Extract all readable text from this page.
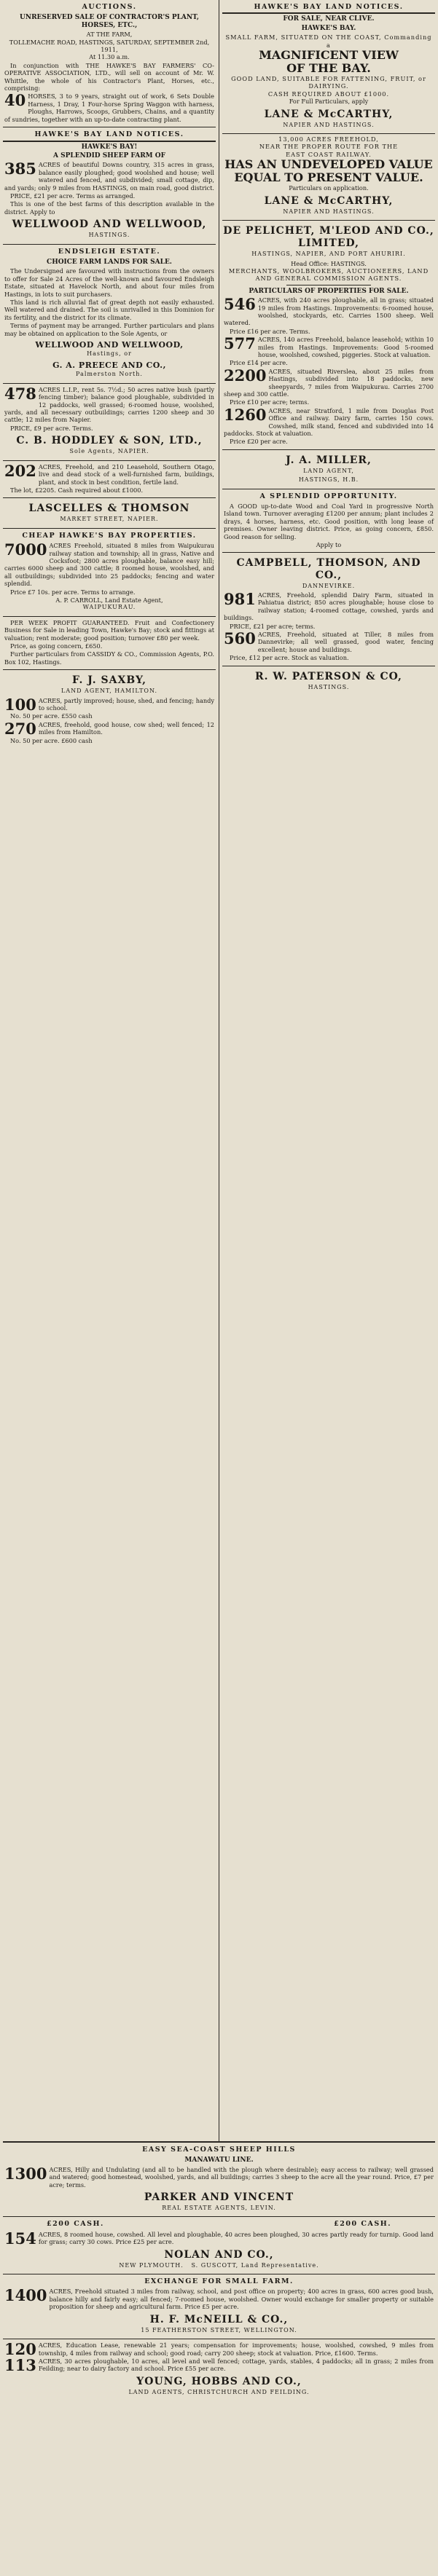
AUCTIONS.
UNRESERVED SALE OF CONTRACTOR'S PLANT, HORSES, ETC.,
AT THE FARM,
TOLLEMACHE ROAD, HASTINGS, SATURDAY, SEPTEMBER 2nd, 1911,
At 11.30 a.m.
In conjunction with THE HAWKE'S BAY FARMERS' CO-OPERATIVE ASSOCIATION, LTD., will sell on account of Mr. W. Whittle, the whole of his Contractor's Plant, Horses, etc., comprising:
40 HORSES, 3 to 9 years, straight out of work, 6 Sets Double Harness, 1 Dray, 1 Four-horse Spring Waggon with harness, Ploughs, Harrows, Scoops, Grubbers, Chains, and a quantity of sundries, together with an up-to-date contracting plant.
HAWKE'S BAY LAND NOTICES.
HAWKE'S BAY!
A SPLENDID SHEEP FARM OF
385 ACRES of beautiful Downs country, 315 acres in grass, balance easily ploughed; good woolshed and house; well watered and fenced, and subdivided; small cottage, dip, and yards; only 9 miles from HASTINGS, on main road, good district.
PRICE, £21 per acre. Terms as arranged.
This is one of the best farms of this description available in the district. Apply to
WELLWOOD AND WELLWOOD,
HASTINGS.
ENDSLEIGH ESTATE.
CHOICE FARM LANDS FOR SALE.
The Undersigned are favoured with instructions from the owners to offer for Sale 24 Acres of the well-known and favoured Endsleigh Estate, situated at Havelock North, and about four miles from Hastings, in lots to suit purchasers.
This land is rich alluvial flat of great depth not easily exhausted. Well watered and drained. The soil is unrivalled in this Dominion for its fertility, and the district for its climate.
Terms of payment may be arranged. Further particulars and plans may be obtained on application to the Sole Agents, or
WELLWOOD AND WELLWOOD,
Hastings, or
G. A. PREECE AND CO.,
Palmerston North.
478 ACRES L.I.P., rent 5s. 7½d.; 50 acres native bush (partly fencing timber); balance good ploughable, subdivided in 12 paddocks, well grassed; 6-roomed house, woolshed, yards, and all necessary outbuildings; carries 1200 sheep and 30 cattle; 12 miles from Napier.
PRICE, £9 per acre. Terms.
C. B. HODDLEY & SON, LTD.,
Sole Agents, NAPIER.
202 ACRES, Freehold, and 210 Leasehold, Southern Otago, live and dead stock of a well-furnished farm, buildings, plant, and stock in best condition, fertile land.
The lot, £2205. Cash required about £1000.
LASCELLES & THOMSON
MARKET STREET, NAPIER.
CHEAP HAWKE'S BAY PROPERTIES.
7000 ACRES Freehold, situated 8 miles from Waipukurau railway station and township; all in grass, Native and Cocksfoot; 2800 acres ploughable, balance easy hill; carries 6000 sheep and 300 cattle; 8 roomed house, woolshed, and all outbuildings; subdivided into 25 paddocks; fencing and water splendid.
Price £7 10s. per acre. Terms to arrange.
A. P. CARROLL, Land Estate Agent,
WAIPUKURAU.
PER WEEK PROFIT GUARANTEED. Fruit and Confectionery Business for Sale in leading Town, Hawke's Bay; stock and fittings at valuation; rent moderate; good position; turnover £80 per week.
Price, as going concern, £650.
Further particulars from CASSIDY & CO., Commission Agents, P.O. Box 102, Hastings.
F. J. SAXBY,
LAND AGENT, HAMILTON.
100 ACRES, partly improved; house, shed, and fencing; handy to school.
No. 50 per acre. £550 cash
270 ACRES, freehold, good house, cow shed; well fenced; 12 miles from Hamilton.
No. 50 per acre. £600 cash
HAWKE'S BAY LAND NOTICES.
FOR SALE, NEAR CLIVE.
HAWKE'S BAY.
SMALL FARM, SITUATED ON THE COAST, Commanding a
MAGNIFICENT VIEW
OF THE BAY.
GOOD LAND, SUITABLE FOR FATTENING, FRUIT, or DAIRYING.
CASH REQUIRED ABOUT £1000.
For Full Particulars, apply
LANE & McCARTHY,
NAPIER AND HASTINGS.
13,000 ACRES FREEHOLD,
NEAR THE PROPER ROUTE FOR THE
EAST COAST RAILWAY.
HAS AN UNDEVELOPED VALUE EQUAL TO PRESENT VALUE.
Particulars on application.
LANE & McCARTHY,
NAPIER AND HASTINGS.
DE PELICHET, M'LEOD AND CO., LIMITED,
HASTINGS, NAPIER, AND PORT AHURIRI.
Head Office: HASTINGS.
MERCHANTS, WOOLBROKERS, AUCTIONEERS, LAND AND GENERAL COMMISSION AGENTS.
PARTICULARS OF PROPERTIES FOR SALE.
546 ACRES, with 240 acres ploughable, all in grass; situated 19 miles from Hastings. Improvements: 6-roomed house, woolshed, stockyards, etc. Carries 1500 sheep. Well watered.
Price £16 per acre. Terms.
577 ACRES, 140 acres Freehold, balance leasehold; within 10 miles from Hastings. Improvements: Good 5-roomed house, woolshed, cowshed, piggeries. Stock at valuation.
Price £14 per acre.
2200 ACRES, situated Riverslea, about 25 miles from Hastings, subdivided into 18 paddocks, new sheepyards, 7 miles from Waipukurau. Carries 2700 sheep and 300 cattle.
Price £10 per acre; terms.
1260 ACRES, near Stratford, 1 mile from Douglas Post Office and railway. Dairy farm, carries 150 cows. Cowshed, milk stand, fenced and subdivided into 14 paddocks. Stock at valuation.
Price £20 per acre.
J. A. MILLER,
LAND AGENT,
HASTINGS, H.B.
A SPLENDID OPPORTUNITY.
A GOOD up-to-date Wood and Coal Yard in progressive North Island town. Turnover averaging £1200 per annum; plant includes 2 drays, 4 horses, harness, etc. Good position, with long lease of premises. Owner leaving district. Price, as going concern, £850. Good reason for selling.
Apply to
CAMPBELL, THOMSON, AND CO.,
DANNEVIRKE.
981 ACRES, Freehold, splendid Dairy Farm, situated in Pahiatua district; 850 acres ploughable; house close to railway station; 4-roomed cottage, cowshed, yards and buildings.
PRICE, £21 per acre; terms.
560 ACRES, Freehold, situated at Tiller, 8 miles from Dannevirke; all well grassed, good water, fencing excellent; house and buildings.
Price, £12 per acre. Stock as valuation.
R. W. PATERSON & CO,
HASTINGS.
EASY SEA-COAST SHEEP HILLS
MANAWATU LINE.
1300 ACRES, Hilly and Undulating (and all to be handled with the plough where desirable); easy access to railway; well grassed and watered; good homestead, woolshed, yards, and all buildings; carries 3 sheep to the acre all the year round. Price, £7 per acre; terms.
PARKER AND VINCENT
REAL ESTATE AGENTS, LEVIN.
£200 CASH.	£200 CASH.
154 ACRES, 8 roomed house, cowshed. All level and ploughable, 40 acres been ploughed, 30 acres partly ready for turnip. Good land for grass; carry 30 cows. Price £25 per acre.
NOLAN AND CO.,
NEW PLYMOUTH. S. GUSCOTT, Land Representative.
EXCHANGE FOR SMALL FARM.
1400 ACRES, Freehold situated 3 miles from railway, school, and post office on property; 400 acres in grass, 600 acres good bush, balance hilly and fairly easy; all fenced; 7-roomed house, woolshed. Owner would exchange for smaller property or suitable proposition for sheep and agricultural farm. Price £5 per acre.
H. F. McNEILL & CO.,
15 FEATHERSTON STREET, WELLINGTON.
120 ACRES, Education Lease, renewable 21 years; compensation for improvements; house, woolshed, cowshed, 9 miles from township, 4 miles from railway and school; good road; carry 200 sheep; stock at valuation. Price, £1600. Terms.
113 ACRES, 30 acres ploughable, 10 acres, all level and well fenced; cottage, yards, stables, 4 paddocks; all in grass; 2 miles from Feilding; near to dairy factory and school. Price £55 per acre.
YOUNG, HOBBS AND CO.,
LAND AGENTS, CHRISTCHURCH AND FEILDING.
